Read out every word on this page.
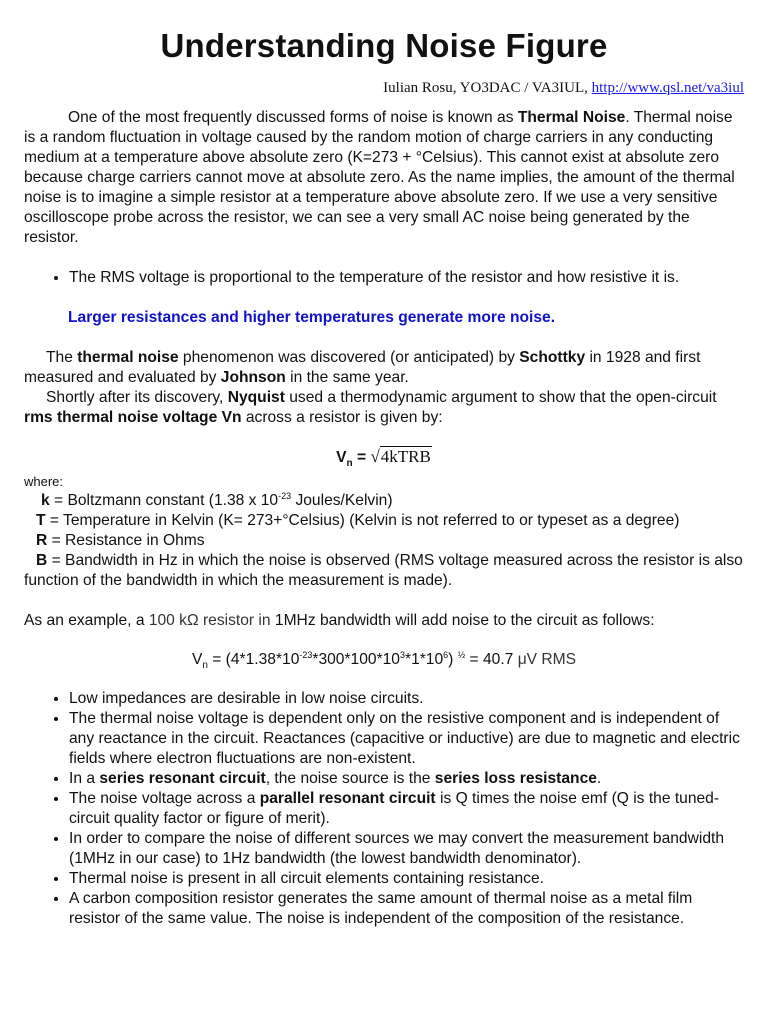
Understanding Noise Figure
Iulian Rosu, YO3DAC / VA3IUL, http://www.qsl.net/va3iul

One of the most frequently discussed forms of noise is known as Thermal Noise. Thermal noise is a random fluctuation in voltage caused by the random motion of charge carriers in any conducting medium at a temperature above absolute zero (K=273 + °Celsius). This cannot exist at absolute zero because charge carriers cannot move at absolute zero. As the name implies, the amount of the thermal noise is to imagine a simple resistor at a temperature above absolute zero. If we use a very sensitive oscilloscope probe across the resistor, we can see a very small AC noise being generated by the resistor.

• The RMS voltage is proportional to the temperature of the resistor and how resistive it is.

Larger resistances and higher temperatures generate more noise.

The thermal noise phenomenon was discovered (or anticipated) by Schottky in 1928 and first measured and evaluated by Johnson in the same year.

Shortly after its discovery, Nyquist used a thermodynamic argument to show that the open-circuit rms thermal noise voltage Vn across a resistor is given by:

$V_n$ = √4kTRB

where:

k = Boltzmann constant (1.38 x $10^{-23}$ Joules/Kelvin)

T = Temperature in Kelvin (K= 273+°Celsius) (Kelvin is not referred to or typeset as a degree)

R = Resistance in Ohms

B = Bandwidth in Hz in which the noise is observed (RMS voltage measured across the resistor is also function of the bandwidth in which the measurement is made).

As an example, a 100 kΩ resistor in 1MHz bandwidth will add noise to the circuit as follows:

$V_n = (4*1.38*10^{-23}*300*100*10^3*1*10^6) ^{\frac{1}{2}} = 40.7$ μV RMS
• Low impedances are desirable in low noise circuits.
• The thermal noise voltage is dependent only on the resistive component and is independent of any reactance in the circuit. Reactances (capacitive or inductive) are due to magnetic and electric fields where electron fluctuations are non-existent.
• In a series resonant circuit, the noise source is the series loss resistance.
• The noise voltage across a parallel resonant circuit is Q times the noise emf (Q is the tuned-circuit quality factor or figure of merit).
• In order to compare the noise of different sources we may convert the measurement bandwidth (1MHz in our case) to 1Hz bandwidth (the lowest bandwidth denominator).
• Thermal noise is present in all circuit elements containing resistance.
• A carbon composition resistor generates the same amount of thermal noise as a metal film resistor of the same value. The noise is independent of the composition of the resistance.
